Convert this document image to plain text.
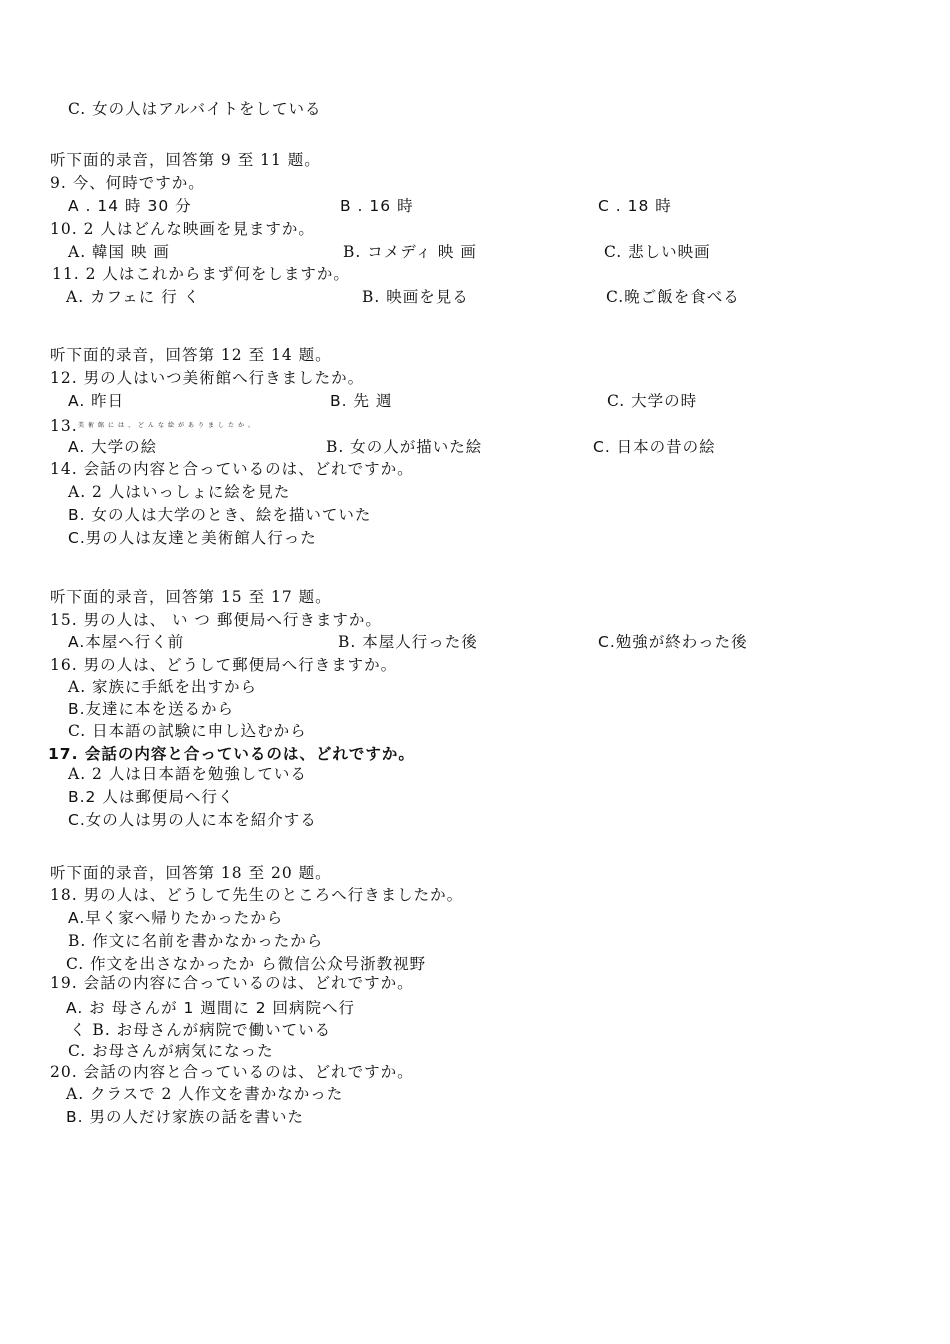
C. 女の人はアルバイトをしている
听下面的录音，回答第 9 至 11 题。
9. 今、何時ですか。
A . 14 時 30 分	B . 16 時	C . 18 時
10. 2 人はどんな映画を見ますか。
A. 韓国 映 画	B. コメディ 映 画	C. 悲しい映画
11. 2 人はこれからまず何をしますか。
A. カフェに 行 く	B. 映画を見る	C.晩ご飯を食べる
听下面的录音，回答第 12 至 14 题。
12. 男の人はいつ美術館へ行きましたか。
A. 昨日	B. 先 週	C. 大学の時
13. 美術館には、どんな絵がありましたか。
A. 大学の絵	B. 女の人が描いた絵	C. 日本の昔の絵
14. 会話の内容と合っているのは、どれですか。
A. 2 人はいっしょに絵を見た
B. 女の人は大学のとき、絵を描いていた
C.男の人は友達と美術館人行った
听下面的录音，回答第 15 至 17 题。
15. 男の人は、 い つ 郵便局へ行きますか。
A.本屋へ行く前	B. 本屋人行った後	C.勉強が終わった後
16. 男の人は、どうして郵便局へ行きますか。
A. 家族に手紙を出すから
B.友達に本を送るから
C. 日本語の試験に申し込むから
17. 会話の内容と合っているのは、どれですか。
A. 2 人は日本語を勉強している
B.2 人は郵便局へ行く
C.女の人は男の人に本を紹介する
听下面的录音，回答第 18 至 20 题。
18. 男の人は、どうして先生のところへ行きましたか。
A.早く家へ帰りたかったから
B. 作文に名前を書かなかったから
C. 作文を出さなかったか ら微信公众号浙教视野
19. 会話の内容に合っているのは、どれですか。
A. お 母さんが 1 週間に 2 回病院へ行
く B. お母さんが病院で働いている
C. お母さんが病気になった
20. 会話の内容と合っているのは、どれですか。
A. クラスで 2 人作文を書かなかった
B. 男の人だけ家族の話を書いた
